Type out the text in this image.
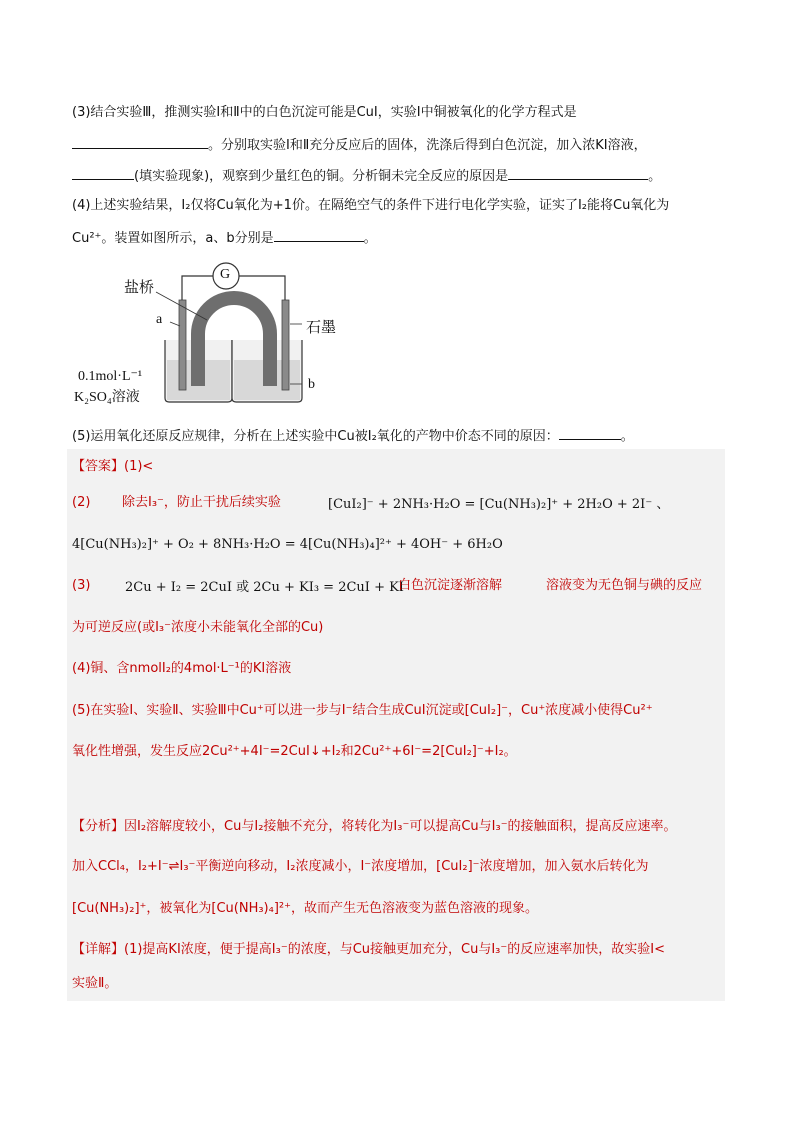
(3)结合实验Ⅲ，推测实验Ⅰ和Ⅱ中的白色沉淀可能是CuI，实验Ⅰ中铜被氧化的化学方程式是
。分别取实验Ⅰ和Ⅱ充分反应后的固体，洗涤后得到白色沉淀，加入浓KI溶液，
(填实验现象)，观察到少量红色的铜。分析铜未完全反应的原因是	。
(4)上述实验结果，I₂仅将Cu氧化为+1价。在隔绝空气的条件下进行电化学实验，证实了I₂能将Cu氧化为
Cu²⁺。装置如图所示，a、b分别是	。
G
盐桥
a
石墨
b
0.1mol·L⁻¹
K₂SO₄溶液
(5)运用氧化还原反应规律，分析在上述实验中Cu被I₂氧化的产物中价态不同的原因：	。
【答案】(1)<
(2) 除去I₃⁻，防止干扰后续实验	[CuI₂]⁻ + 2NH₃·H₂O = [Cu(NH₃)₂]⁺ + 2H₂O + 2I⁻ 、
4[Cu(NH₃)₂]⁺ + O₂ + 8NH₃·H₂O = 4[Cu(NH₃)₄]²⁺ + 4OH⁻ + 6H₂O
(3)	2Cu + I₂ = 2CuI 或 2Cu + KI₃ = 2CuI + KI
白色沉淀逐渐溶解	溶液变为无色铜与碘的反应
为可逆反应(或I₃⁻浓度小未能氧化全部的Cu)
(4)铜、含nmolI₂的4mol·L⁻¹的KI溶液
(5)在实验Ⅰ、实验Ⅱ、实验Ⅲ中Cu⁺可以进一步与I⁻结合生成CuI沉淀或[CuI₂]⁻，Cu⁺浓度减小使得Cu²⁺
氧化性增强，发生反应2Cu²⁺+4I⁻=2CuI↓+I₂和2Cu²⁺+6I⁻=2[CuI₂]⁻+I₂。
【分析】因I₂溶解度较小，Cu与I₂接触不充分，将转化为I₃⁻可以提高Cu与I₃⁻的接触面积，提高反应速率。
加入CCl₄，I₂+I⁻⇌I₃⁻平衡逆向移动，I₂浓度减小，I⁻浓度增加，[CuI₂]⁻浓度增加，加入氨水后转化为
[Cu(NH₃)₂]⁺，被氧化为[Cu(NH₃)₄]²⁺，故而产生无色溶液变为蓝色溶液的现象。
【详解】(1)提高KI浓度，便于提高I₃⁻的浓度，与Cu接触更加充分，Cu与I₃⁻的反应速率加快，故实验Ⅰ<
实验Ⅱ。
